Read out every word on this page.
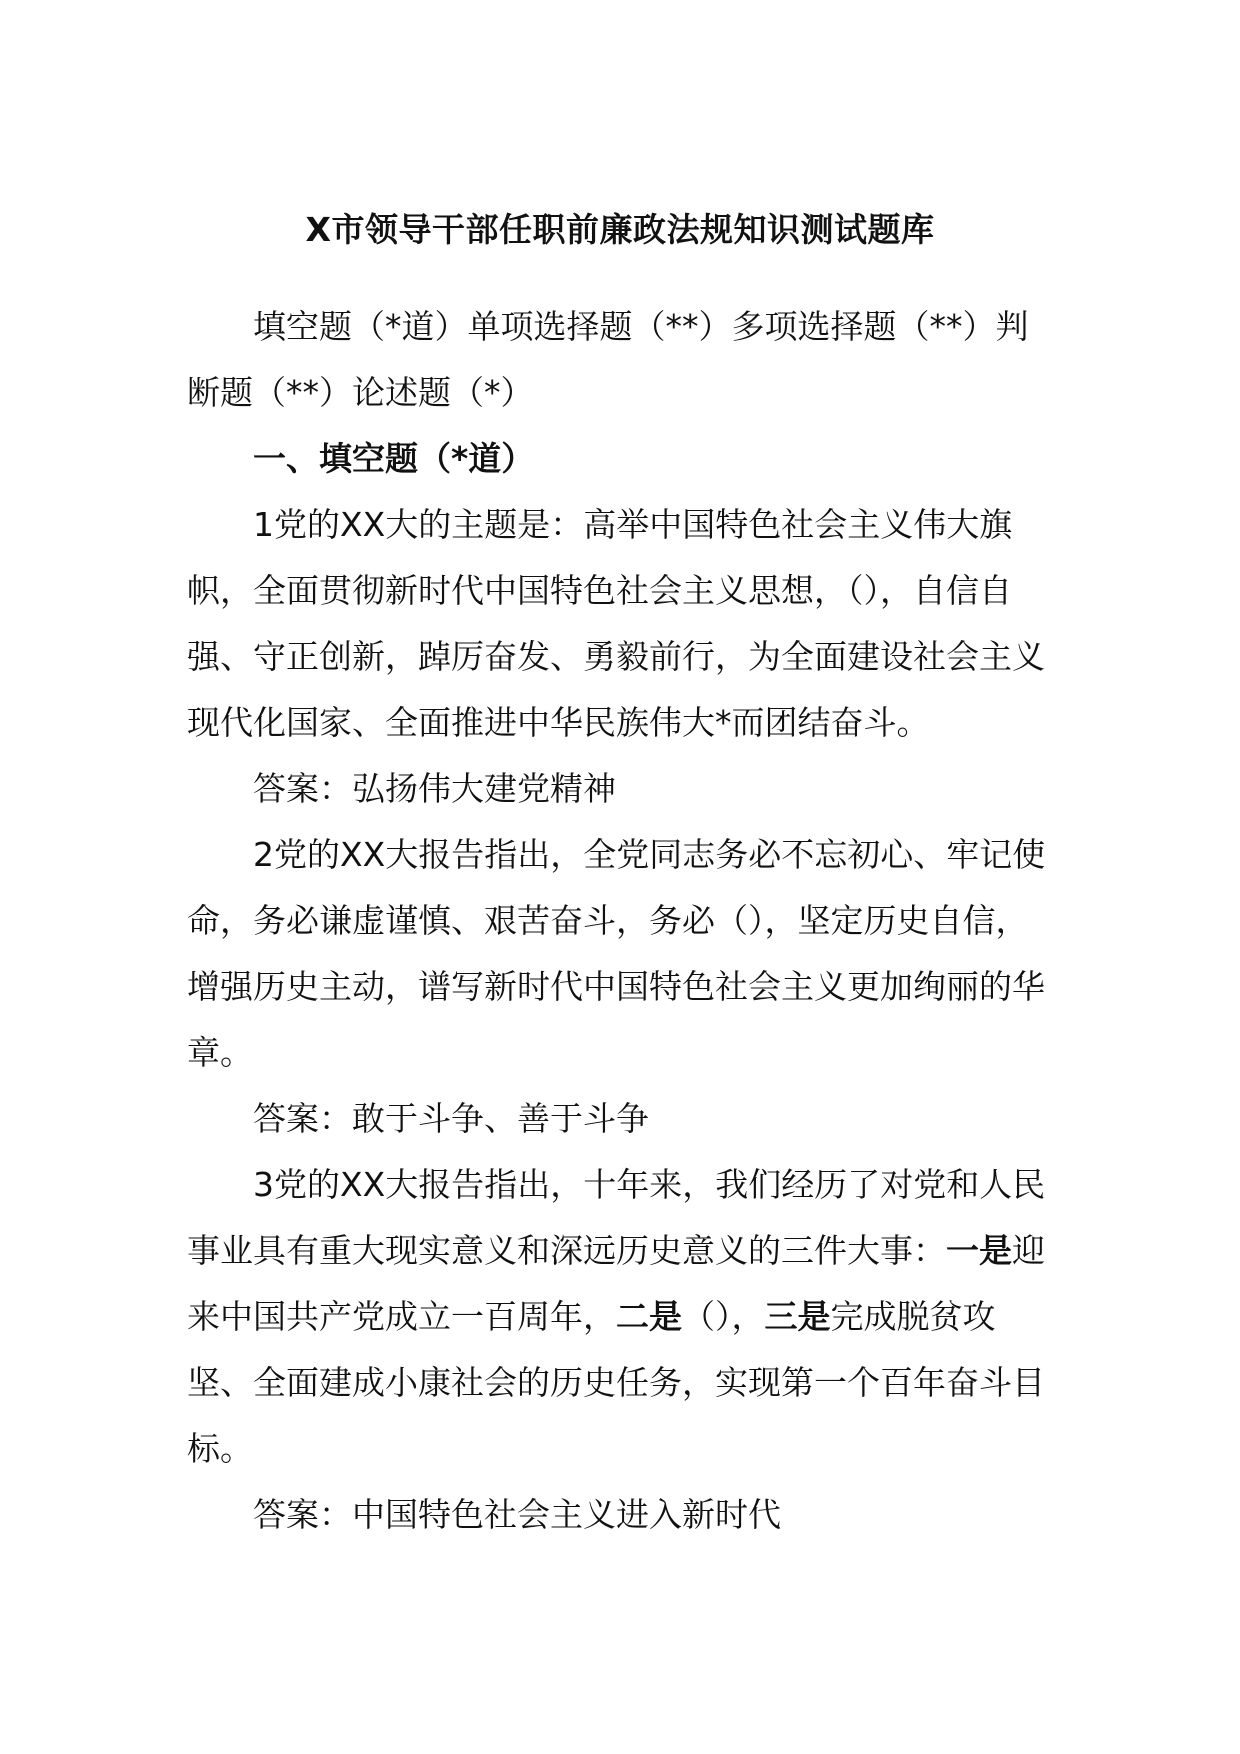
X市领导干部任职前廉政法规知识测试题库

填空题（*道）单项选择题（**）多项选择题（**）判断题（**）论述题（*）

一、填空题（*道）

1党的XX大的主题是：高举中国特色社会主义伟大旗帜，全面贯彻新时代中国特色社会主义思想，（），自信自强、守正创新，踔厉奋发、勇毅前行，为全面建设社会主义现代化国家、全面推进中华民族伟大*而团结奋斗。

答案：弘扬伟大建党精神

2党的XX大报告指出，全党同志务必不忘初心、牢记使命，务必谦虚谨慎、艰苦奋斗，务必（），坚定历史自信，增强历史主动，谱写新时代中国特色社会主义更加绚丽的华章。

答案：敢于斗争、善于斗争

3党的XX大报告指出，十年来，我们经历了对党和人民事业具有重大现实意义和深远历史意义的三件大事：一是迎来中国共产党成立一百周年，二是（），三是完成脱贫攻坚、全面建成小康社会的历史任务，实现第一个百年奋斗目标。

答案：中国特色社会主义进入新时代
